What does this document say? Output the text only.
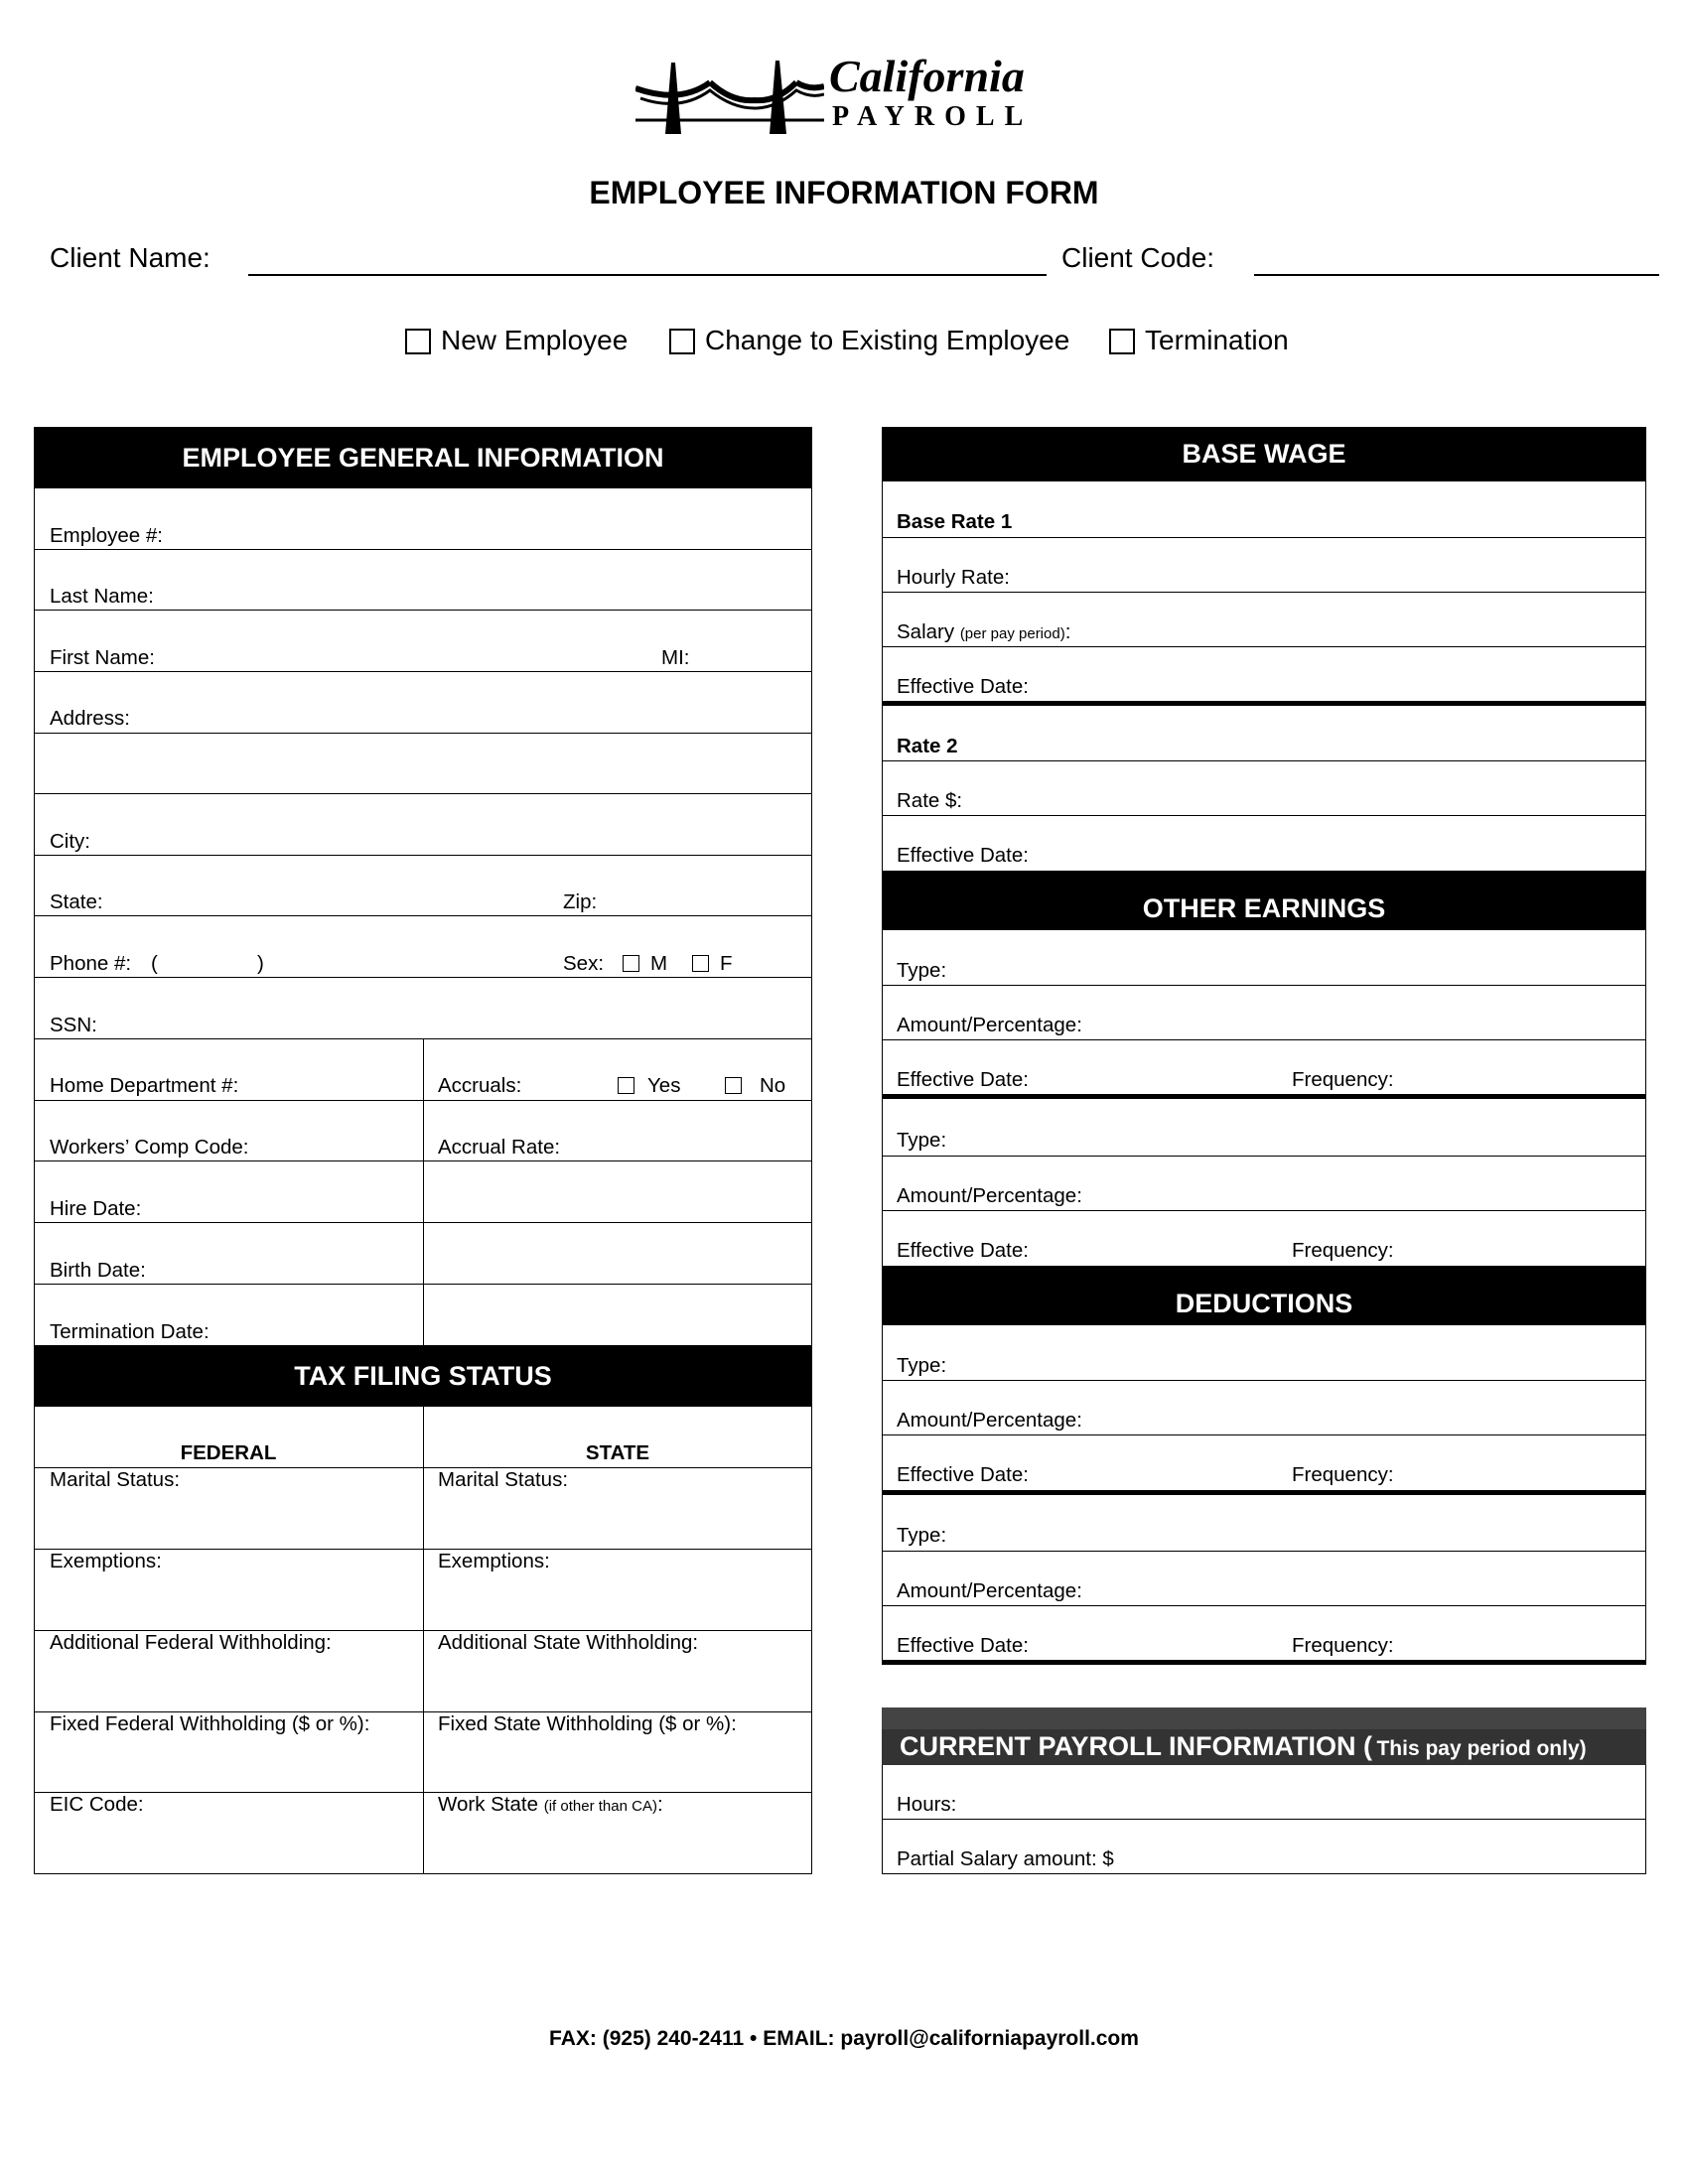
California
PAYROLL
EMPLOYEE INFORMATION FORM
Client Name:	Client Code:
New Employee	Change to Existing Employee	Termination
EMPLOYEE GENERAL INFORMATION
Employee #:
Last Name:
First Name:	MI:
Address:
City:
State:	Zip:
Phone #: (	)	Sex: M	F
SSN:
Home Department #:	Accruals:	Yes	No
Workers’ Comp Code:	Accrual Rate:
Hire Date:
Birth Date:
Termination Date:
TAX FILING STATUS
FEDERAL	STATE
Marital Status:	Marital Status:
Exemptions:	Exemptions:
Additional Federal Withholding:	Additional State Withholding:
Fixed Federal Withholding ($ or %):	Fixed State Withholding ($ or %):
EIC Code:	Work State (if other than CA):
BASE WAGE
Base Rate 1
Hourly Rate:
Salary (per pay period):
Effective Date:
Rate 2
Rate $:
Effective Date:
OTHER EARNINGS
Type:
Amount/Percentage:
Effective Date:	Frequency:
Type:
Amount/Percentage:
Effective Date:	Frequency:
DEDUCTIONS
Type:
Amount/Percentage:
Effective Date:	Frequency:
Type:
Amount/Percentage:
Effective Date:	Frequency:
CURRENT PAYROLL INFORMATION ( This pay period only)
Hours:
Partial Salary amount: $
FAX: (925) 240-2411 • EMAIL: payroll@californiapayroll.com
